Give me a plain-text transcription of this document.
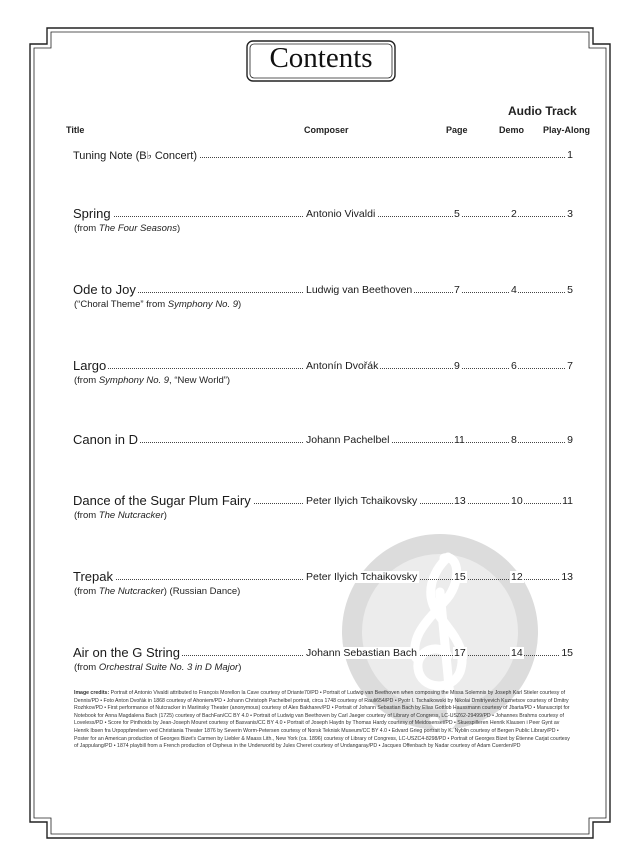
Contents
Audio Track
Title	Composer	Page	Demo Play-Along
Tuning Note (B♭ Concert)	1
Spring	Antonio Vivaldi	5	2	3
(from The Four Seasons)
Ode to Joy	Ludwig van Beethoven	7	4	5
(“Choral Theme” from Symphony No. 9)
Largo	Antonín Dvořák	9	6	7
(from Symphony No. 9, “New World”)
Canon in D	Johann Pachelbel	11	8	9
Dance of the Sugar Plum Fairy	Peter Ilyich Tchaikovsky	13	10	11
(from The Nutcracker)
Trepak	Peter Ilyich Tchaikovsky	15	12	13
(from The Nutcracker) (Russian Dance)
Air on the G String	Johann Sebastian Bach	17	14	15
(from Orchestral Suite No. 3 in D Major)
Image credits: Portrait of Antonio Vivaldi attributed to François Morellon la Cave courtesy of Driante70/PD • Portrait of Ludwig van Beethoven when composing the Missa Solemnis by Joseph Karl Stieler courtesy of Dennis/PD • Foto Anton Dvořák in 1868 courtesy of Ahoniem/PD • Johann Christoph Pachelbel portrait, circa 1748 courtesy of Rauli654/PD • Pyotr I. Tschaikowski by Nikolai Dmitriyevich Kuznetsov courtesy of Dmitry Rozhkov/PD • First performance of Nutcracker in Mariinsky Theater (anonymous) courtesy of Alex Bakharev/PD • Portrait of Johann Sebastian Bach by Elias Gottlob Haussmann courtesy of Jbarta/PD • Manuscript for Notebook for Anna Magdalena Bach (1725) courtesy of BachFan/CC BY 4.0 • Portrait of Ludwig van Beethoven by Carl Jaeger courtesy of Library of Congress, LC-USZ62-29499/PD • Johannes Brahms courtesy of Loveless/PD • Score for Pinthoids by Jean-Joseph Mouret courtesy of Basvanis/CC BY 4.0 • Portrait of Joseph Haydn by Thomas Hardy courtesy of Meidosensei/PD • Skuespilleren Henrik Klausen i Peer Gynt av Henrik Ibsen fra Urpoppførelsen ved Christiania Theater 1876 by Severin Worm-Petersen courtesy of Norsk Teknisk Museum/CC BY 4.0 • Edvard Grieg portrait by K. Nyblin courtesy of Bergen Public Library/PD • Poster for an American production of Georges Bizet's Carmen by Liebler & Maass Lith., New York (ca. 1896) courtesy of Library of Congress, LC-USZC4-8298/PD • Portrait of Georges Bizet by Étienne Carjat courtesy of Jappulang/PD • 1874 playbill from a French production of Orpheus in the Underworld by Jules Cheret courtesy of Undangaray/PD • Jacques Offenbach by Nadar courtesy of Adam Cuerden/PD
